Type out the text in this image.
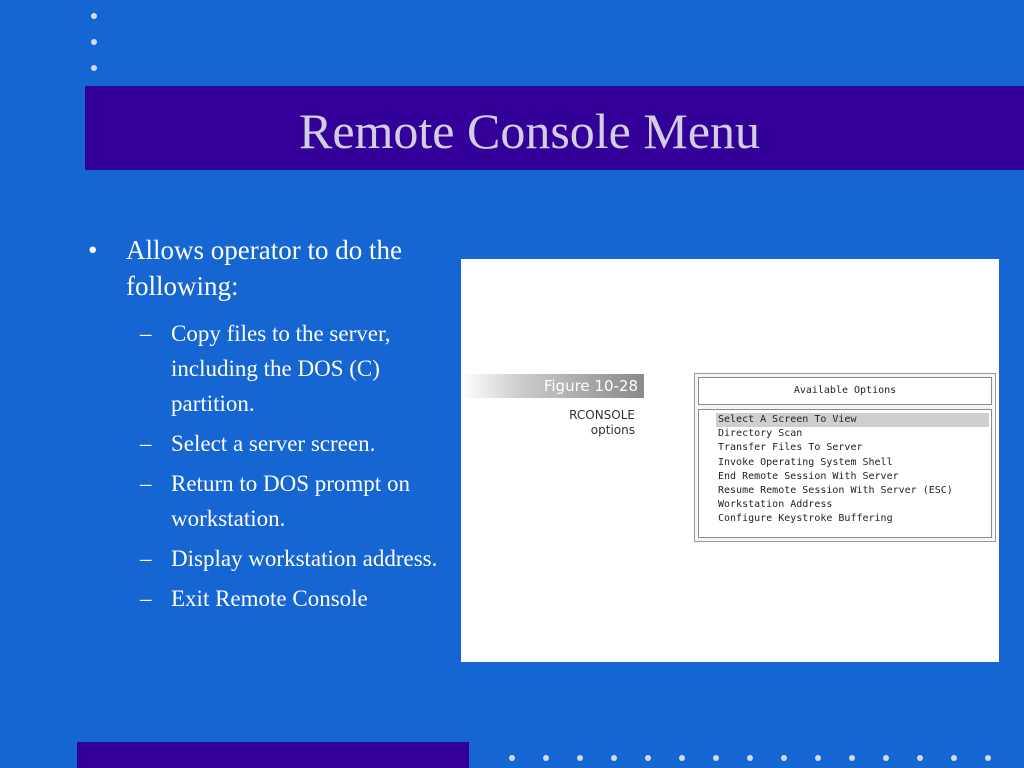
Remote Console Menu
• Allows operator to do the following:
– Copy files to the server, including the DOS (C) partition.
– Select a server screen.
– Return to DOS prompt on workstation.
– Display workstation address.
– Exit Remote Console
Figure 10-28
RCONSOLE
options
Available Options
Select A Screen To View
Directory Scan
Transfer Files To Server
Invoke Operating System Shell
End Remote Session With Server
Resume Remote Session With Server (ESC)
Workstation Address
Configure Keystroke Buffering
